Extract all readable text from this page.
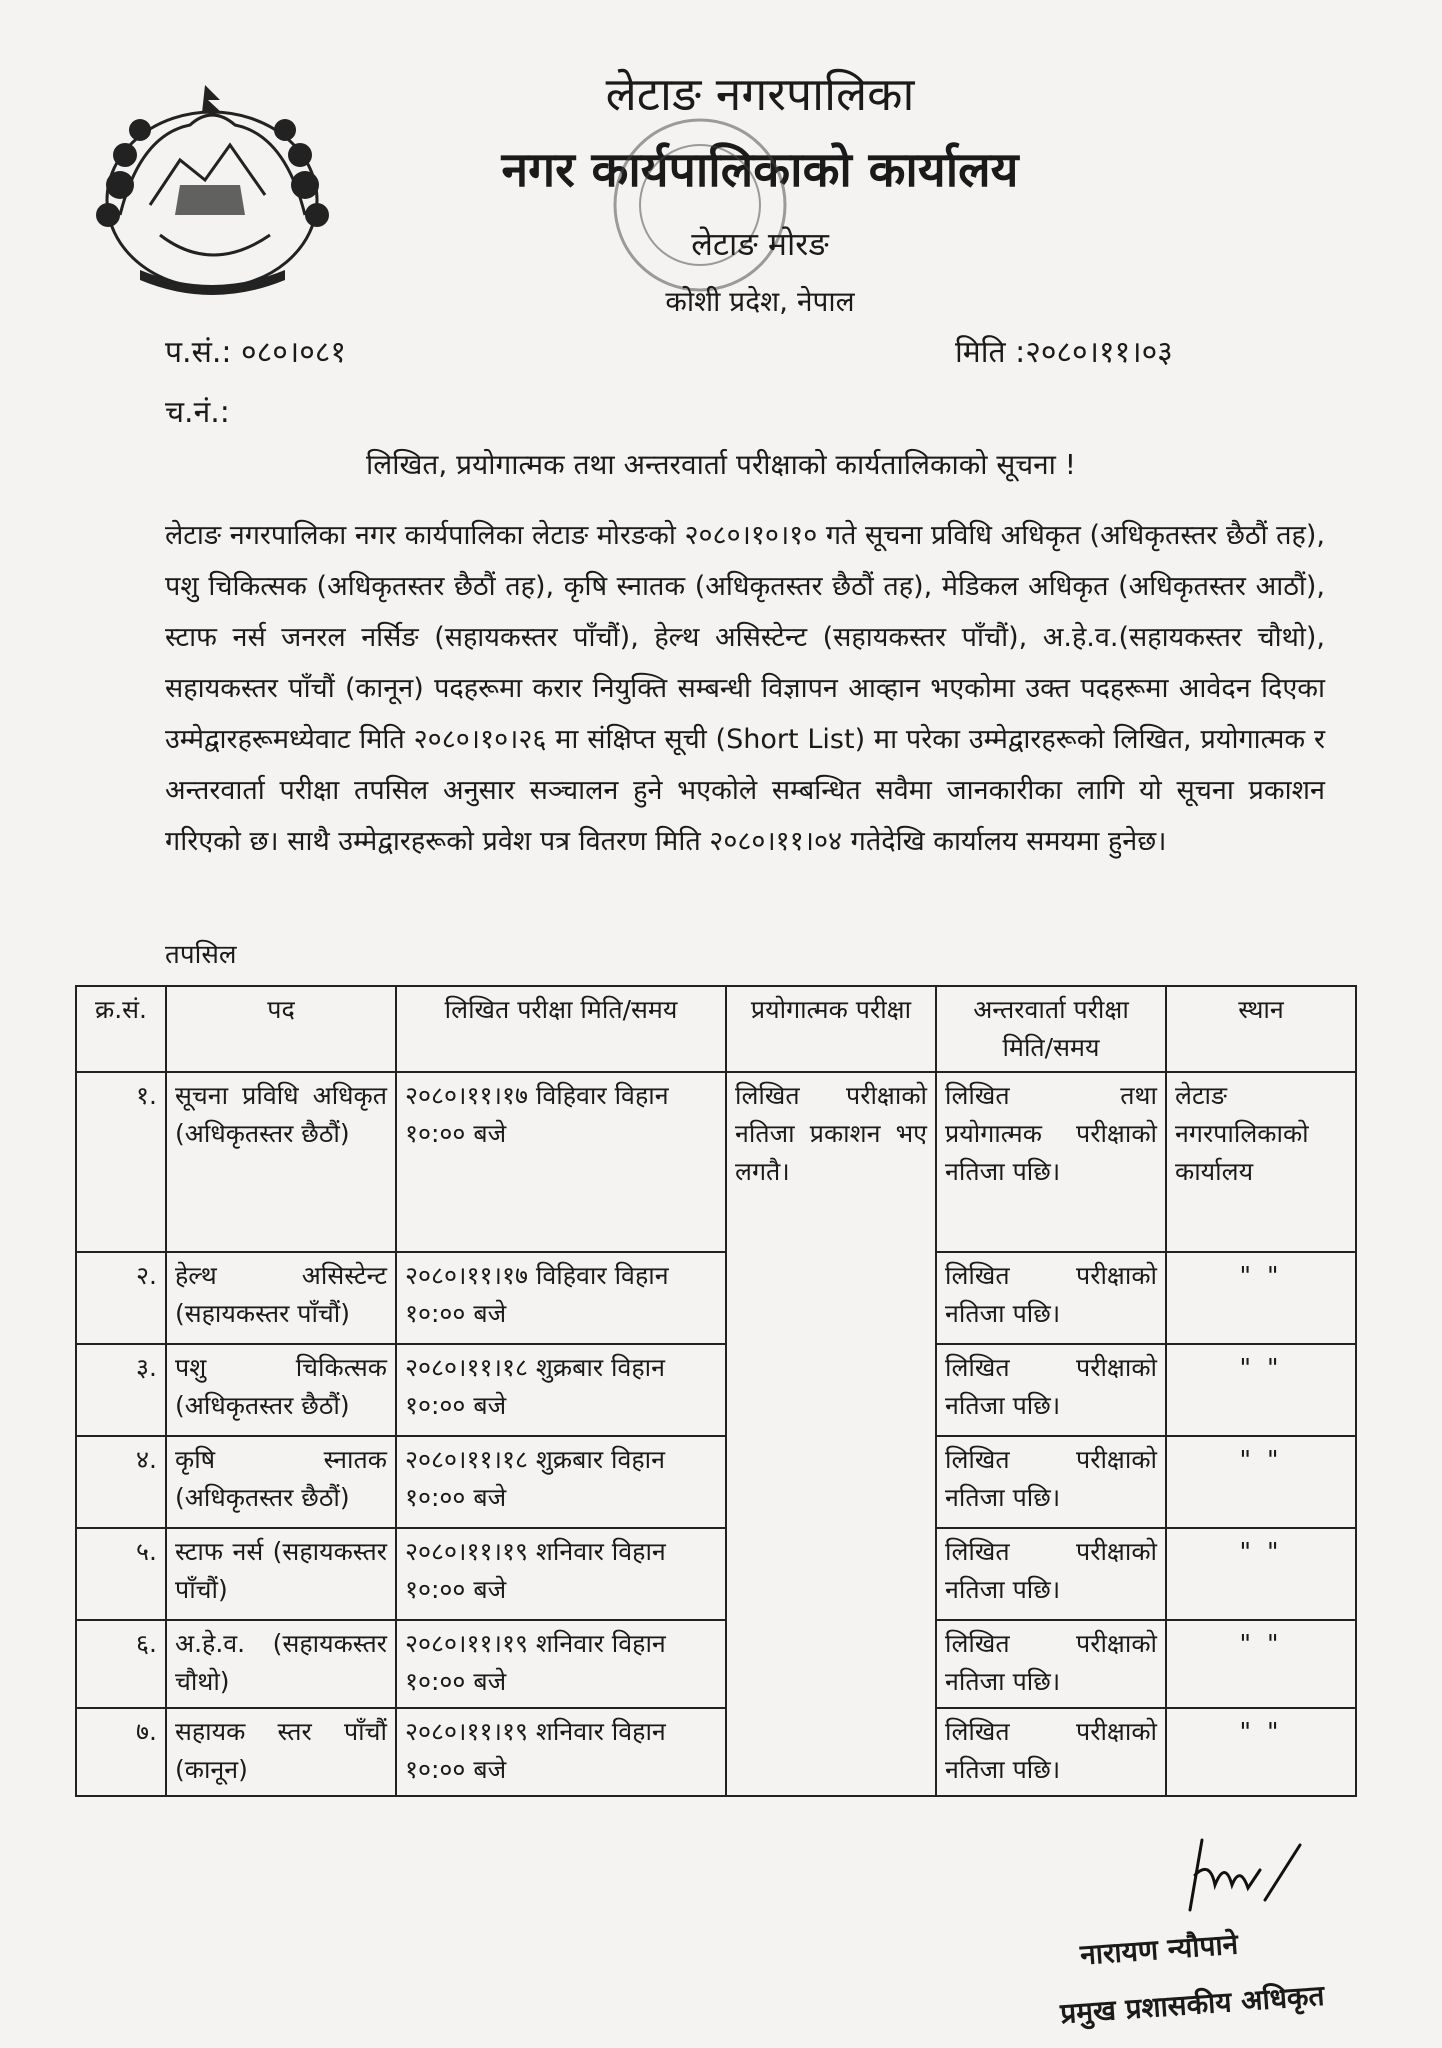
लेटाङ नगरपालिका
नगर कार्यपालिकाको कार्यालय
लेटाङ मोरङ
कोशी प्रदेश, नेपाल
प.सं.: ०८०।०८१
च.नं.:
मिति :२०८०।११।०३
लिखित, प्रयोगात्मक तथा अन्तरवार्ता परीक्षाको कार्यतालिकाको सूचना !

लेटाङ नगरपालिका नगर कार्यपालिका लेटाङ मोरङको २०८०।१०।१० गते सूचना प्रविधि अधिकृत (अधिकृतस्तर छैठौं तह), पशु चिकित्सक (अधिकृतस्तर छैठौं तह), कृषि स्नातक (अधिकृतस्तर छैठौं तह), मेडिकल अधिकृत (अधिकृतस्तर आठौं), स्टाफ नर्स जनरल नर्सिङ (सहायकस्तर पाँचौं), हेल्थ असिस्टेन्ट (सहायकस्तर पाँचौं), अ.हे.व.(सहायकस्तर चौथो), सहायकस्तर पाँचौं (कानून) पदहरूमा करार नियुक्ति सम्बन्धी विज्ञापन आव्हान भएकोमा उक्त पदहरूमा आवेदन दिएका उम्मेद्वारहरूमध्येवाट मिति २०८०।१०।२६ मा संक्षिप्त सूची (Short List) मा परेका उम्मेद्वारहरूको लिखित, प्रयोगात्मक र अन्तरवार्ता परीक्षा तपसिल अनुसार सञ्चालन हुने भएकोले सम्बन्धित सवैमा जानकारीका लागि यो सूचना प्रकाशन गरिएको छ। साथै उम्मेद्वारहरूको प्रवेश पत्र वितरण मिति २०८०।११।०४ गतेदेखि कार्यालय समयमा हुनेछ।

तपसिल
क्र.सं.	पद	लिखित परीक्षा मिति/समय	प्रयोगात्मक परीक्षा	अन्तरवार्ता परीक्षा मिति/समय	स्थान
१.	सूचना प्रविधि अधिकृत (अधिकृतस्तर छैठौं)	२०८०।११।१७ विहिवार विहान १०:०० बजे	लिखित परीक्षाको नतिजा प्रकाशन भए लगतै।	लिखित तथा प्रयोगात्मक परीक्षाको नतिजा पछि।	लेटाङ नगरपालिकाको कार्यालय
२.	हेल्थ असिस्टेन्ट (सहायकस्तर पाँचौं)	२०८०।११।१७ विहिवार विहान १०:०० बजे		लिखित परीक्षाको नतिजा पछि।	" "
३.	पशु चिकित्सक (अधिकृतस्तर छैठौं)	२०८०।११।१८ शुक्रबार विहान १०:०० बजे		लिखित परीक्षाको नतिजा पछि।	" "
४.	कृषि स्नातक (अधिकृतस्तर छैठौं)	२०८०।११।१८ शुक्रबार विहान १०:०० बजे		लिखित परीक्षाको नतिजा पछि।	" "
५.	स्टाफ नर्स (सहायकस्तर पाँचौं)	२०८०।११।१९ शनिवार विहान १०:०० बजे		लिखित परीक्षाको नतिजा पछि।	" "
६.	अ.हे.व. (सहायकस्तर चौथो)	२०८०।११।१९ शनिवार विहान १०:०० बजे		लिखित परीक्षाको नतिजा पछि।	" "
७.	सहायक स्तर पाँचौं (कानून)	२०८०।११।१९ शनिवार विहान १०:०० बजे		लिखित परीक्षाको नतिजा पछि।	" "
नारायण न्यौपाने
प्रमुख प्रशासकीय अधिकृत
